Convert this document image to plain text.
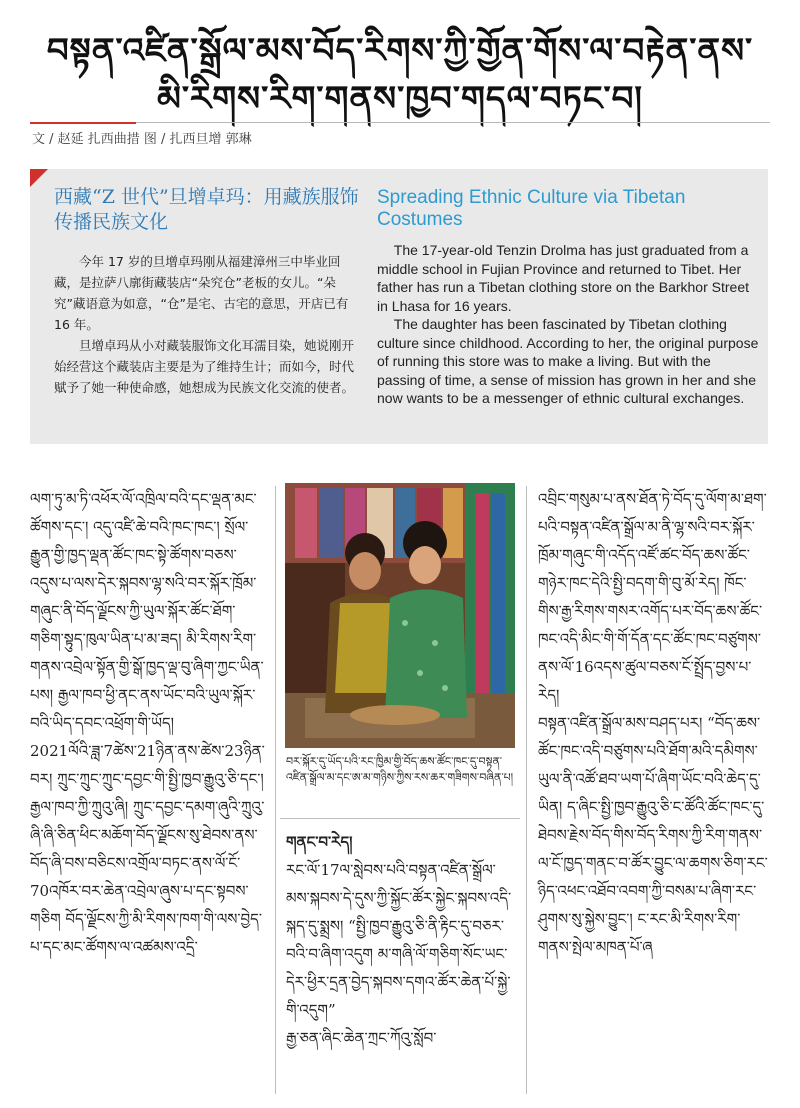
བསྟན་འཛིན་སྒྲོལ་མས་བོད་རིགས་ཀྱི་གྱོན་གོས་ལ་བརྟེན་ནས་
མི་རིགས་རིག་གནས་ཁྱབ་གདལ་བཏང་བ།
文 / 赵延 扎西曲措 图 / 扎西旦增 郭琳
西藏“Z 世代”旦增卓玛：用藏族服饰传播民族文化

今年 17 岁的旦增卓玛刚从福建漳州三中毕业回藏，是拉萨八廓街藏装店“朵究仓”老板的女儿。“朵究”藏语意为如意，“仓”是宅、古宅的意思，开店已有 16 年。

旦增卓玛从小对藏装服饰文化耳濡目染，她说刚开始经营这个藏装店主要是为了维持生计；而如今，时代赋予了她一种使命感，她想成为民族文化交流的使者。

Spreading Ethnic Culture via Tibetan Costumes

The 17-year-old Tenzin Drolma has just graduated from a middle school in Fujian Province and returned to Tibet. Her father has run a Tibetan clothing store on the Barkhor Street in Lhasa for 16 years.

The daughter has been fascinated by Tibetan clothing culture since childhood. According to her, the original purpose of running this store was to make a living. But with the passing of time, a sense of mission has grown in her and she now wants to be a messenger of ethnic cultural exchanges.

ལག་ཏུ་མ་ཏི་འཕོར་ལོ་འཁྲིལ་བའི་དང་ལྡན་མང་ཚོགས་དང་། འདུ་འཛི་ཆེ་བའི་ཁང་ཁང་། སྲོལ་རྒྱུན་གྱི་ཁྱད་ལྡན་ཚོང་ཁང་སྟེ་ཚོགས་བཅས་འདུས་པ་ལས་དེར་སྐབས་ལྷ་སའི་བར་སྐོར་ཁྲོམ་གཞུང་ནི་བོད་ལྗོངས་ཀྱི་ཡུལ་སྐོར་ཚོང་ཐོག་གཅིག་སྟུད་ཁུལ་ཡིན་པ་མ་ཟད། མི་རིགས་རིག་གནས་འབྲེལ་སྟོན་གྱི་སྒོ་ཁྱད་ལྡ་བུ་ཞིག་ཀྱང་ཡིན་པས། རྒྱལ་ཁབ་ཕྱི་ནང་ནས་ཡོང་བའི་ཡུལ་སྐོར་བའི་ཡིད་དབང་འཕྲོག་གི་ཡོད།

2021ལོའི་ཟླ་7ཚེས་21ཉིན་ནས་ཚེས་23ཉིན་བར། ཀྲུང་ཀྲུང་ཀྲུང་དབྱང་གི་སྤྱི་ཁྱབ་རྒྱུའུ་ཅི་དང་། རྒྱལ་ཁབ་ཀྱི་ཀྲུའུ་ཞི། ཀྲུང་དབྱང་དམག་ཞུའི་ཀྲུའུ་ཞི་ཞི་ཅིན་ཕིང་མཆོག་བོད་ལྗོངས་སུ་ཐེབས་ནས་བོད་ཞི་བས་བཅིངས་འགྲོལ་བཏང་ནས་ལོ་ངོ་70འཁོར་བར་ཆེན་འབྲེལ་ཞུས་པ་དང་སྟབས་གཅིག བོད་ལྗོངས་ཀྱི་མི་རིགས་ཁག་གི་ལས་བྱེད་པ་དང་མང་ཚོགས་ལ་འཚམས་འདྲི་

བར་སྐོར་དུ་ཡོད་པའི་རང་ཁྱིམ་གྱི་བོད་ཆས་ཚོང་ཁང་དུ་བསྟན་འཛིན་སྒྲོལ་མ་དང་ཨ་མ་གཉིས་ཀྱིས་རས་ཆར་གཟིགས་བཞིན་པ།

གནང་བ་རེད།

རང་ལོ་17ལ་སླེབས་པའི་བསྟན་འཛིན་སྒྲོལ་མས་སྐབས་དེ་དུས་ཀྱི་སྐྱོང་ཚོར་སྐྱེང་སྐབས་འདི་སྐད་དུ་སྨྲས། “སྤྱི་ཁྱབ་རྒྱུའུ་ཅི་ནི་རྟིང་དུ་བཅར་བའི་བ་ཞིག་འདུག མ་གཞི་ལོ་གཅིག་སོང་ཡང་དེར་ཕྱིར་དྲན་བྱེད་སྐབས་དགའ་ཚོར་ཆེན་པོ་སྐྱེ་གི་འདུག”

རྒྱ་ཅན་ཞིང་ཆེན་ཀྲང་ཀོའུ་སློབ་

འབྲིང་གསུམ་པ་ནས་ཐོན་ཏེ་བོད་དུ་ལོག་མ་ཐག་པའི་བསྟན་འཛིན་སྒྲོལ་མ་ནི་ལྷ་སའི་བར་སྐོར་ཁྲོམ་གཞུང་གི་འདོད་འཛོ་ཚང་བོད་ཆས་ཚོང་གཉེར་ཁང་དེའི་སྤྱི་བདག་གི་བུ་མོ་རེད། ཁོང་གིས་རྒྱ་རིགས་གསར་འགོད་པར་བོད་ཆས་ཚོང་ཁང་འདི་མིང་གི་གོ་དོན་དང་ཚོང་ཁང་བཙུགས་ནས་ལོ་16འདས་ཚུལ་བཅས་ངོ་སྤྲོད་བྱས་པ་རེད།

བསྟན་འཛིན་སྒྲོལ་མས་བཤད་པར། “བོད་ཆས་ཚོང་ཁང་འདི་བཙུགས་པའི་ཐོག་མའི་དམིགས་ཡུལ་ནི་འཚོ་ཐབ་ཡག་པོ་ཞིག་ཡོང་བའི་ཆེད་དུ་ཡིན། ད་ཞིང་སྤྱི་ཁྱབ་རྒྱུའུ་ཅི་ང་ཚོའི་ཚོང་ཁང་དུ་ཐེབས་རྗེས་བོད་གིས་བོད་རིགས་ཀྱི་རིག་གནས་ལ་ངོ་ཁྱད་གནང་བ་ཚོར་བྱུང་ལ་ཆགས་ཅིག་རང་ཉིད་འཕང་འཐོབ་འབག་ཀྱི་བསམ་པ་ཞིག་རང་ཤུགས་སུ་སྐྱེས་བྱུང་། ང་རང་མི་རིགས་རིག་གནས་སྤེལ་མཁན་པོ་ཞ
